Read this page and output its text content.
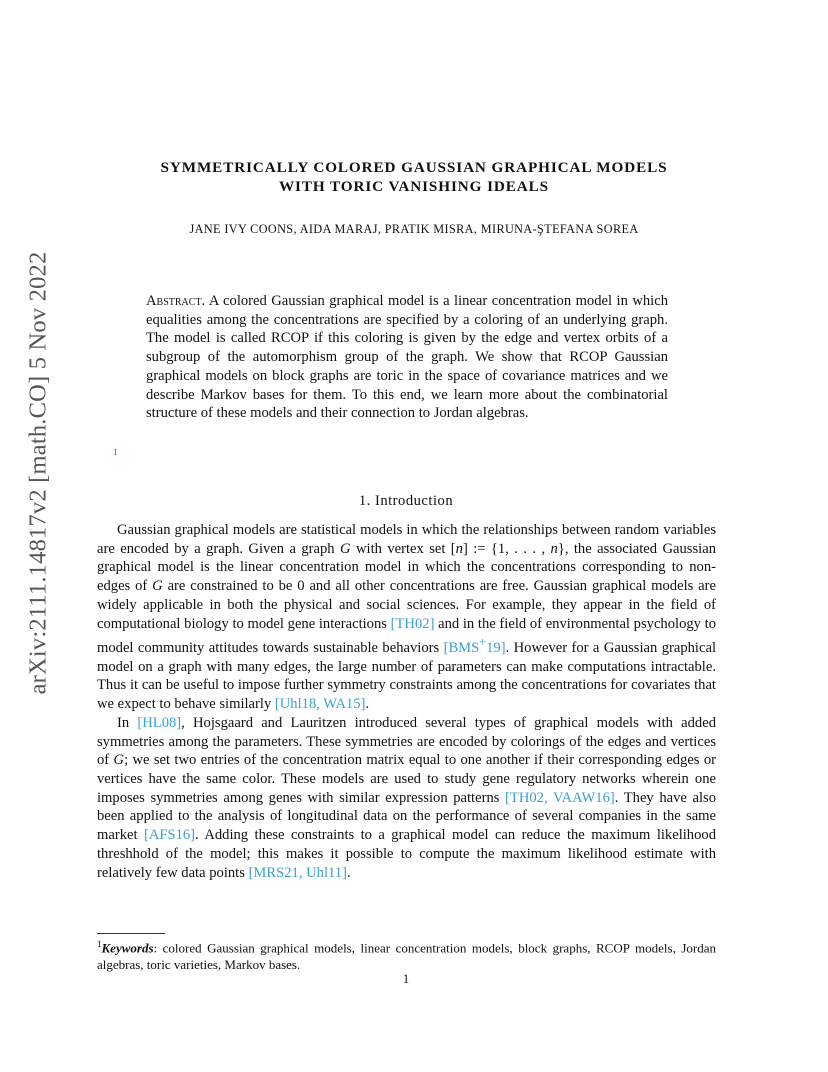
arXiv:2111.14817v2 [math.CO] 5 Nov 2022
SYMMETRICALLY COLORED GAUSSIAN GRAPHICAL MODELS
WITH TORIC VANISHING IDEALS
JANE IVY COONS, AIDA MARAJ, PRATIK MISRA, MIRUNA-ŞTEFANA SOREA
Abstract. A colored Gaussian graphical model is a linear concentration model in which equalities among the concentrations are specified by a coloring of an underlying graph. The model is called RCOP if this coloring is given by the edge and vertex orbits of a subgroup of the automorphism group of the graph. We show that RCOP Gaussian graphical models on block graphs are toric in the space of covariance matrices and we describe Markov bases for them. To this end, we learn more about the combinatorial structure of these models and their connection to Jordan algebras.
1
1. Introduction

Gaussian graphical models are statistical models in which the relationships between random variables are encoded by a graph. Given a graph G with vertex set [n] := {1, . . . , n}, the associated Gaussian graphical model is the linear concentration model in which the concentrations corresponding to non-edges of G are constrained to be 0 and all other concentrations are free. Gaussian graphical models are widely applicable in both the physical and social sciences. For example, they appear in the field of computational biology to model gene interactions [TH02] and in the field of environmental psychology to model community attitudes towards sustainable behaviors [BMS+19]. However for a Gaussian graphical model on a graph with many edges, the large number of parameters can make computations intractable. Thus it can be useful to impose further symmetry constraints among the concentrations for covariates that we expect to behave similarly [Uhl18, WA15].

In [HL08], Hojsgaard and Lauritzen introduced several types of graphical models with added symmetries among the parameters. These symmetries are encoded by colorings of the edges and vertices of G; we set two entries of the concentration matrix equal to one another if their corresponding edges or vertices have the same color. These models are used to study gene regulatory networks wherein one imposes symmetries among genes with similar expression patterns [TH02, VAAW16]. They have also been applied to the analysis of longitudinal data on the performance of several companies in the same market [AFS16]. Adding these constraints to a graphical model can reduce the maximum likelihood threshhold of the model; this makes it possible to compute the maximum likelihood estimate with relatively few data points [MRS21, Uhl11].

$^1$Keywords: colored Gaussian graphical models, linear concentration models, block graphs, RCOP models, Jordan algebras, toric varieties, Markov bases.
1
